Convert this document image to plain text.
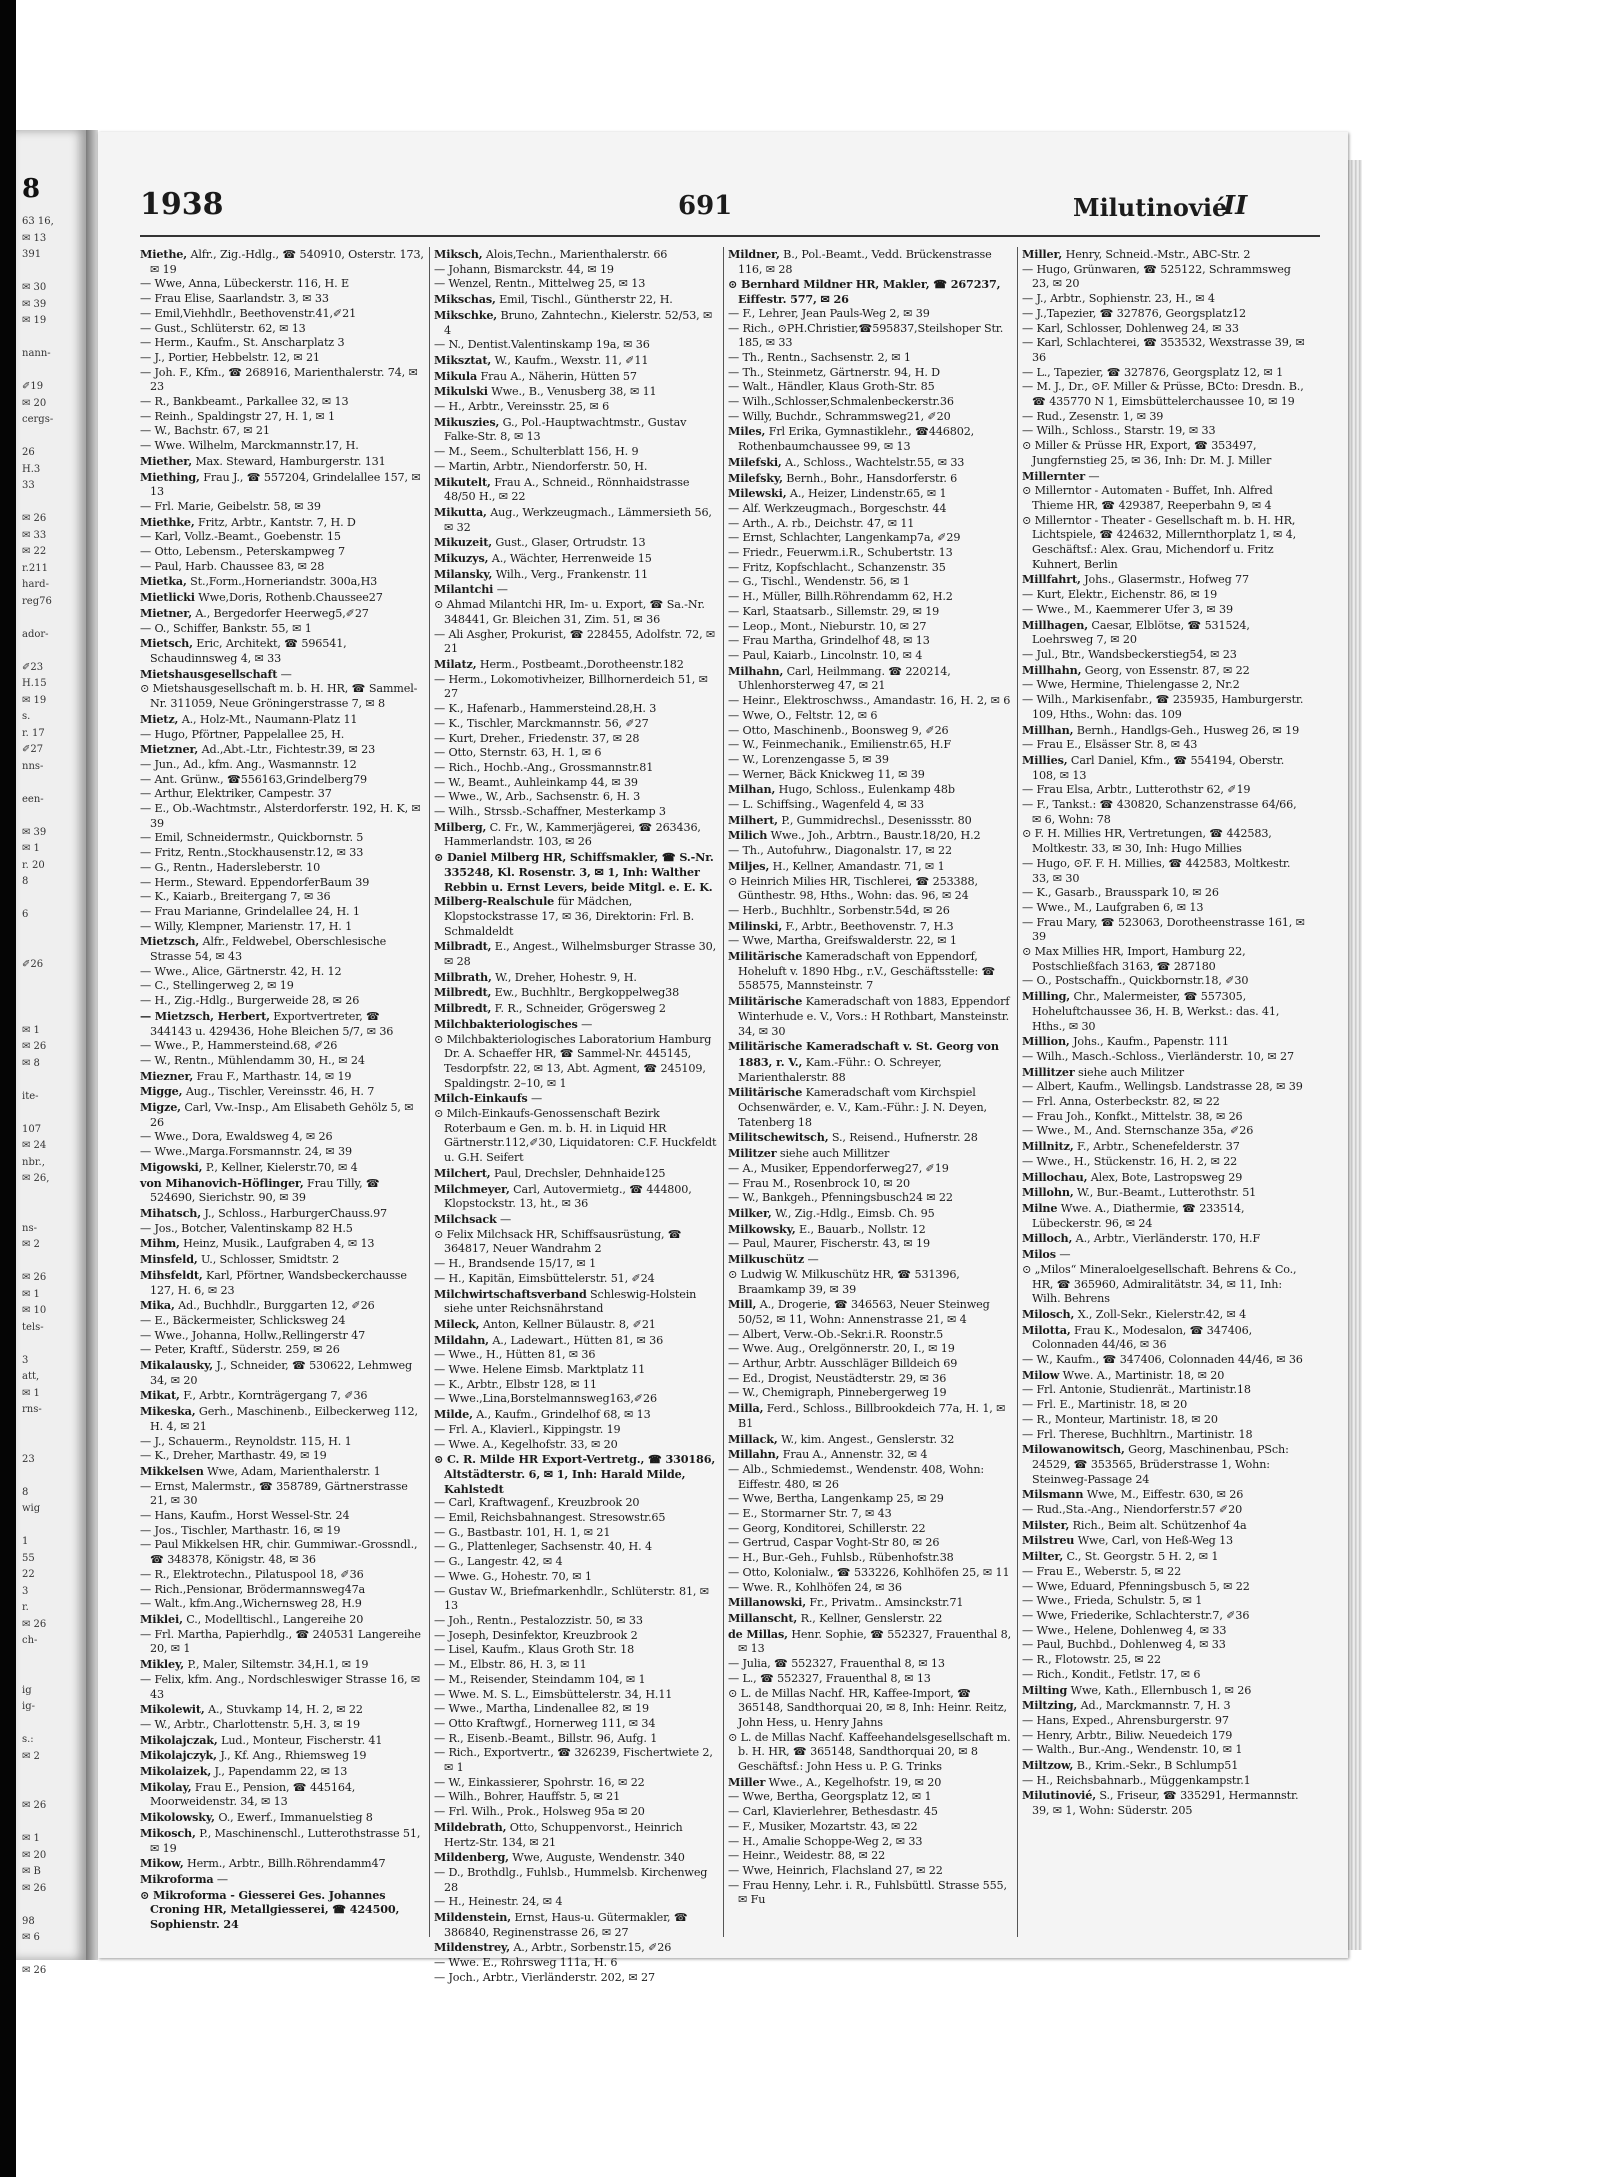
8
63 16,
✉ 13
391

✉ 30
✉ 39
✉ 19

nann-

✐19
✉ 20
cergs-

26
H.3
33

✉ 26
✉ 33
✉ 22
r.211
hard-
reg76

ador-

✐23
H.15
✉ 19
s.
r. 17
✐27
nns-

een-

✉ 39
✉ 1
r. 20
8

6

✐26

✉ 1
✉ 26
✉ 8

ite-

107
✉ 24
nbr.,
✉ 26,

ns-
✉ 2

✉ 26
✉ 1
✉ 10
tels-

3
att,
✉ 1
rns-

23

8
wig

1
55
22
3
r.
✉ 26
ch-

ig
ig-

s.:
✉ 2

✉ 26

✉ 1
✉ 20
✉ B
✉ 26

98
✉ 6

✉ 26
1938	691	Milutinovié
II

Miethe, Alfr., Zig.-Hdlg., ☎ 540910, Osterstr. 173, ✉ 19

— Wwe, Anna, Lübeckerstr. 116, H. E

— Frau Elise, Saarlandstr. 3, ✉ 33

— Emil,Viehhdlr., Beethovenstr.41,✐21

— Gust., Schlüterstr. 62, ✉ 13

— Herm., Kaufm., St. Anscharplatz 3

— J., Portier, Hebbelstr. 12, ✉ 21

— Joh. F., Kfm., ☎ 268916, Marienthalerstr. 74, ✉ 23

— R., Bankbeamt., Parkallee 32, ✉ 13

— Reinh., Spaldingstr 27, H. 1, ✉ 1

— W., Bachstr. 67, ✉ 21

— Wwe. Wilhelm, Marckmannstr.17, H.

Miether, Max. Steward, Hamburgerstr. 131

Miething, Frau J., ☎ 557204, Grindelallee 157, ✉ 13

— Frl. Marie, Geibelstr. 58, ✉ 39

Miethke, Fritz, Arbtr., Kantstr. 7, H. D

— Karl, Vollz.-Beamt., Goebenstr. 15

— Otto, Lebensm., Peterskampweg 7

— Paul, Harb. Chaussee 83, ✉ 28

Mietka, St.,Form.,Horneriandstr. 300a,H3

Mietlicki Wwe,Doris, Rothenb.Chaussee27

Mietner, A., Bergedorfer Heerweg5,✐27

— O., Schiffer, Bankstr. 55, ✉ 1

Mietsch, Eric, Architekt, ☎ 596541, Schaudinnsweg 4, ✉ 33

Mietshausgesellschaft —

⊙ Mietshausgesellschaft m. b. H. HR, ☎ Sammel-Nr. 311059, Neue Gröningerstrasse 7, ✉ 8

Mietz, A., Holz-Mt., Naumann-Platz 11

— Hugo, Pförtner, Pappelallee 25, H.

Mietzner, Ad.,Abt.-Ltr., Fichtestr.39, ✉ 23

— Jun., Ad., kfm. Ang., Wasmannstr. 12

— Ant. Grünw., ☎556163,Grindelberg79

— Arthur, Elektriker, Campestr. 37

— E., Ob.-Wachtmstr., Alsterdorferstr. 192, H. K, ✉ 39

— Emil, Schneidermstr., Quickbornstr. 5

— Fritz, Rentn.,Stockhausenstr.12, ✉ 33

— G., Rentn., Hadersleberstr. 10

— Herm., Steward. EppendorferBaum 39

— K., Kaiarb., Breitergang 7, ✉ 36

— Frau Marianne, Grindelallee 24, H. 1

— Willy, Klempner, Marienstr. 17, H. 1

Mietzsch, Alfr., Feldwebel, Oberschlesische Strasse 54, ✉ 43

— Wwe., Alice, Gärtnerstr. 42, H. 12

— C., Stellingerweg 2, ✉ 19

— H., Zig.-Hdlg., Burgerweide 28, ✉ 26

— Mietzsch, Herbert, Exportvertreter, ☎ 344143 u. 429436, Hohe Bleichen 5/7, ✉ 36

— Wwe., P., Hammersteind.68, ✐26

— W., Rentn., Mühlendamm 30, H., ✉ 24

Miezner, Frau F., Marthastr. 14, ✉ 19

Migge, Aug., Tischler, Vereinsstr. 46, H. 7

Migze, Carl, Vw.-Insp., Am Elisabeth Gehölz 5, ✉ 26

— Wwe., Dora, Ewaldsweg 4, ✉ 26

— Wwe.,Marga.Forsmannstr. 24, ✉ 39

Migowski, P., Kellner, Kielerstr.70, ✉ 4

von Mihanovich-Höflinger, Frau Tilly, ☎ 524690, Sierichstr. 90, ✉ 39

Mihatsch, J., Schloss., HarburgerChauss.97

— Jos., Botcher, Valentinskamp 82 H.5

Mihm, Heinz, Musik., Laufgraben 4, ✉ 13

Minsfeld, U., Schlosser, Smidtstr. 2

Mihsfeldt, Karl, Pförtner, Wandsbeckerchausse 127, H. 6, ✉ 23

Mika, Ad., Buchhdlr., Burggarten 12, ✐26

— E., Bäckermeister, Schlicksweg 24

— Wwe., Johanna, Hollw.,Rellingerstr 47

— Peter, Kraftf., Süderstr. 259, ✉ 26

Mikalausky, J., Schneider, ☎ 530622, Lehmweg 34, ✉ 20

Mikat, F., Arbtr., Kornträgergang 7, ✐36

Mikeska, Gerh., Maschinenb., Eilbeckerweg 112, H. 4, ✉ 21

— J., Schauerm., Reynoldstr. 115, H. 1

— K., Dreher, Marthastr. 49, ✉ 19

Mikkelsen Wwe, Adam, Marienthalerstr. 1

— Ernst, Malermstr., ☎ 358789, Gärtnerstrasse 21, ✉ 30

— Hans, Kaufm., Horst Wessel-Str. 24

— Jos., Tischler, Marthastr. 16, ✉ 19

— Paul Mikkelsen HR, chir. Gummiwar.-Grossndl., ☎ 348378, Königstr. 48, ✉ 36

— R., Elektrotechn., Pilatuspool 18, ✐36

— Rich.,Pensionar, Brödermannsweg47a

— Walt., kfm.Ang.,Wichernsweg 28, H.9

Miklei, C., Modelltischl., Langereihe 20

— Frl. Martha, Papierhdlg., ☎ 240531 Langereihe 20, ✉ 1

Mikley, P., Maler, Siltemstr. 34,H.1, ✉ 19

— Felix, kfm. Ang., Nordschleswiger Strasse 16, ✉ 43

Mikolewit, A., Stuvkamp 14, H. 2, ✉ 22

— W., Arbtr., Charlottenstr. 5,H. 3, ✉ 19

Mikolajczak, Lud., Monteur, Fischerstr. 41

Mikolajczyk, J., Kf. Ang., Rhiemsweg 19

Mikolaizek, J., Papendamm 22, ✉ 13

Mikolay, Frau E., Pension, ☎ 445164, Moorweidenstr. 34, ✉ 13

Mikolowsky, O., Ewerf., Immanuelstieg 8

Mikosch, P., Maschinenschl., Lutterothstrasse 51, ✉ 19

Mikow, Herm., Arbtr., Billh.Röhrendamm47

Mikroforma —

⊙ Mikroforma - Giesserei Ges. Johannes Croning HR, Metallgiesserei, ☎ 424500, Sophienstr. 24

Miksch, Alois,Techn., Marienthalerstr. 66

— Johann, Bismarckstr. 44, ✉ 19

— Wenzel, Rentn., Mittelweg 25, ✉ 13

Mikschas, Emil, Tischl., Güntherstr 22, H.

Mikschke, Bruno, Zahntechn., Kielerstr. 52/53, ✉ 4

— N., Dentist.Valentinskamp 19a, ✉ 36

Miksztat, W., Kaufm., Wexstr. 11, ✐11

Mikula Frau A., Näherin, Hütten 57

Mikulski Wwe., B., Venusberg 38, ✉ 11

— H., Arbtr., Vereinsstr. 25, ✉ 6

Mikuszies, G., Pol.-Hauptwachtmstr., Gustav Falke-Str. 8, ✉ 13

— M., Seem., Schulterblatt 156, H. 9

— Martin, Arbtr., Niendorferstr. 50, H.

Mikutelt, Frau A., Schneid., Rönnhaidstrasse 48/50 H., ✉ 22

Mikutta, Aug., Werkzeugmach., Lämmersieth 56, ✉ 32

Mikuzeit, Gust., Glaser, Ortrudstr. 13

Mikuzys, A., Wächter, Herrenweide 15

Milansky, Wilh., Verg., Frankenstr. 11

Milantchi —

⊙ Ahmad Milantchi HR, Im- u. Export, ☎ Sa.-Nr. 348441, Gr. Bleichen 31, Zim. 51, ✉ 36

— Ali Asgher, Prokurist, ☎ 228455, Adolfstr. 72, ✉ 21

Milatz, Herm., Postbeamt.,Dorotheenstr.182

— Herm., Lokomotivheizer, Billhornerdeich 51, ✉ 27

— K., Hafenarb., Hammersteind.28,H. 3

— K., Tischler, Marckmannstr. 56, ✐27

— Kurt, Dreher., Friedenstr. 37, ✉ 28

— Otto, Sternstr. 63, H. 1, ✉ 6

— Rich., Hochb.-Ang., Grossmannstr.81

— W., Beamt., Auhleinkamp 44, ✉ 39

— Wwe., W., Arb., Sachsenstr. 6, H. 3

— Wilh., Strssb.-Schaffner, Mesterkamp 3

Milberg, C. Fr., W., Kammerjägerei, ☎ 263436, Hammerlandstr. 103, ✉ 26

⊙ Daniel Milberg HR, Schiffsmakler, ☎ S.-Nr. 335248, Kl. Rosenstr. 3, ✉ 1, Inh: Walther Rebbin u. Ernst Levers, beide Mitgl. e. E. K.

Milberg-Realschule für Mädchen, Klopstockstrasse 17, ✉ 36, Direktorin: Frl. B. Schmaldeldt

Milbradt, E., Angest., Wilhelmsburger Strasse 30, ✉ 28

Milbrath, W., Dreher, Hohestr. 9, H.

Milbredt, Ew., Buchhltr., Bergkoppelweg38

Milbredt, F. R., Schneider, Grögersweg 2

Milchbakteriologisches —

⊙ Milchbakteriologisches Laboratorium Hamburg Dr. A. Schaeffer HR, ☎ Sammel-Nr. 445145, Tesdorpfstr. 22, ✉ 13, Abt. Agment, ☎ 245109, Spaldingstr. 2–10, ✉ 1

Milch-Einkaufs —

⊙ Milch-Einkaufs-Genossenschaft Bezirk Roterbaum e Gen. m. b. H. in Liquid HR Gärtnerstr.112,✐30, Liquidatoren: C.F. Huckfeldt u. G.H. Seifert

Milchert, Paul, Drechsler, Dehnhaide125

Milchmeyer, Carl, Autovermietg., ☎ 444800, Klopstockstr. 13, ht., ✉ 36

Milchsack —

⊙ Felix Milchsack HR, Schiffsausrüstung, ☎ 364817, Neuer Wandrahm 2

— H., Brandsende 15/17, ✉ 1

— H., Kapitän, Eimsbüttelerstr. 51, ✐24

Milchwirtschaftsverband Schleswig-Holstein siehe unter Reichsnährstand

Mileck, Anton, Kellner Bülaustr. 8, ✐21

Mildahn, A., Ladewart., Hütten 81, ✉ 36

— Wwe., H., Hütten 81, ✉ 36

— Wwe. Helene Eimsb. Marktplatz 11

— K., Arbtr., Elbstr 128, ✉ 11

— Wwe.,Lina,Borstelmannsweg163,✐26

Milde, A., Kaufm., Grindelhof 68, ✉ 13

— Frl. A., Klavierl., Kippingstr. 19

— Wwe. A., Kegelhofstr. 33, ✉ 20

⊙ C. R. Milde HR Export-Vertretg., ☎ 330186, Altstädterstr. 6, ✉ 1, Inh: Harald Milde, Kahlstedt

— Carl, Kraftwagenf., Kreuzbrook 20

— Emil, Reichsbahnangest. Stresowstr.65

— G., Bastbastr. 101, H. 1, ✉ 21

— G., Plattenleger, Sachsenstr. 40, H. 4

— G., Langestr. 42, ✉ 4

— Wwe. G., Hohestr. 70, ✉ 1

— Gustav W., Briefmarkenhdlr., Schlüterstr. 81, ✉ 13

— Joh., Rentn., Pestalozzistr. 50, ✉ 33

— Joseph, Desinfektor, Kreuzbrook 2

— Lisel, Kaufm., Klaus Groth Str. 18

— M., Elbstr. 86, H. 3, ✉ 11

— M., Reisender, Steindamm 104, ✉ 1

— Wwe. M. S. L., Eimsbüttelerstr. 34, H.11

— Wwe., Martha, Lindenallee 82, ✉ 19

— Otto Kraftwgf., Hornerweg 111, ✉ 34

— R., Eisenb.-Beamt., Billstr. 96, Aufg. 1

— Rich., Exportvertr., ☎ 326239, Fischertwiete 2, ✉ 1

— W., Einkassierer, Spohrstr. 16, ✉ 22

— Wilh., Bohrer, Hauffstr. 5, ✉ 21

— Frl. Wilh., Prok., Holsweg 95a ✉ 20

Mildebrath, Otto, Schuppenvorst., Heinrich Hertz-Str. 134, ✉ 21

Mildenberg, Wwe, Auguste, Wendenstr. 340

— D., Brothdlg., Fuhlsb., Hummelsb. Kirchenweg 28

— H., Heinestr. 24, ✉ 4

Mildenstein, Ernst, Haus-u. Gütermakler, ☎ 386840, Reginenstrasse 26, ✉ 27

Mildenstrey, A., Arbtr., Sorbenstr.15, ✐26

— Wwe. E., Rohrsweg 111a, H. 6

— Joch., Arbtr., Vierländerstr. 202, ✉ 27

Mildner, B., Pol.-Beamt., Vedd. Brückenstrasse 116, ✉ 28

⊙ Bernhard Mildner HR, Makler, ☎ 267237, Eiffestr. 577, ✉ 26

— F., Lehrer, Jean Pauls-Weg 2, ✉ 39

— Rich., ⊙PH.Christier,☎595837,Steilshoper Str. 185, ✉ 33

— Th., Rentn., Sachsenstr. 2, ✉ 1

— Th., Steinmetz, Gärtnerstr. 94, H. D

— Walt., Händler, Klaus Groth-Str. 85

— Wilh.,Schlosser,Schmalenbeckerstr.36

— Willy, Buchdr., Schrammsweg21, ✐20

Miles, Frl Erika, Gymnastiklehr., ☎446802, Rothenbaumchaussee 99, ✉ 13

Milefski, A., Schloss., Wachtelstr.55, ✉ 33

Milefsky, Bernh., Bohr., Hansdorferstr. 6

Milewski, A., Heizer, Lindenstr.65, ✉ 1

— Alf. Werkzeugmach., Borgeschstr. 44

— Arth., A. rb., Deichstr. 47, ✉ 11

— Ernst, Schlachter, Langenkamp7a, ✐29

— Friedr., Feuerwm.i.R., Schubertstr. 13

— Fritz, Kopfschlacht., Schanzenstr. 35

— G., Tischl., Wendenstr. 56, ✉ 1

— H., Müller, Billh.Röhrendamm 62, H.2

— Karl, Staatsarb., Sillemstr. 29, ✉ 19

— Leop., Mont., Nieburstr. 10, ✉ 27

— Frau Martha, Grindelhof 48, ✉ 13

— Paul, Kaiarb., Lincolnstr. 10, ✉ 4

Milhahn, Carl, Heilmmang. ☎ 220214, Uhlenhorsterweg 47, ✉ 21

— Heinr., Elektroschwss., Amandastr. 16, H. 2, ✉ 6

— Wwe, O., Feltstr. 12, ✉ 6

— Otto, Maschinenb., Boonsweg 9, ✐26

— W., Feinmechanik., Emilienstr.65, H.F

— W., Lorenzengasse 5, ✉ 39

— Werner, Bäck Knickweg 11, ✉ 39

Milhan, Hugo, Schloss., Eulenkamp 48b

— L. Schiffsing., Wagenfeld 4, ✉ 33

Milhert, P., Gummidrechsl., Desenissstr. 80

Milich Wwe., Joh., Arbtrn., Baustr.18/20, H.2

— Th., Autofuhrw., Diagonalstr. 17, ✉ 22

Miljes, H., Kellner, Amandastr. 71, ✉ 1

⊙ Heinrich Milies HR, Tischlerei, ☎ 253388, Günthestr. 98, Hths., Wohn: das. 96, ✉ 24

— Herb., Buchhltr., Sorbenstr.54d, ✉ 26

Milinski, F., Arbtr., Beethovenstr. 7, H.3

— Wwe, Martha, Greifswalderstr. 22, ✉ 1

Militärische Kameradschaft von Eppendorf, Hoheluft v. 1890 Hbg., r.V., Geschäftsstelle: ☎ 558575, Mannsteinstr. 7

Militärische Kameradschaft von 1883, Eppendorf Winterhude e. V., Vors.: H Rothbart, Mansteinstr. 34, ✉ 30

Militärische Kameradschaft v. St. Georg von 1883, r. V., Kam.-Führ.: O. Schreyer, Marienthalerstr. 88

Militärische Kameradschaft vom Kirchspiel Ochsenwärder, e. V., Kam.-Führ.: J. N. Deyen, Tatenberg 18

Militschewitsch, S., Reisend., Hufnerstr. 28

Militzer siehe auch Millitzer

— A., Musiker, Eppendorferweg27, ✐19

— Frau M., Rosenbrock 10, ✉ 20

— W., Bankgeh., Pfenningsbusch24 ✉ 22

Milker, W., Zig.-Hdlg., Eimsb. Ch. 95

Milkowsky, E., Bauarb., Nollstr. 12

— Paul, Maurer, Fischerstr. 43, ✉ 19

Milkuschütz —

⊙ Ludwig W. Milkuschütz HR, ☎ 531396, Braamkamp 39, ✉ 39

Mill, A., Drogerie, ☎ 346563, Neuer Steinweg 50/52, ✉ 11, Wohn: Annenstrasse 21, ✉ 4

— Albert, Verw.-Ob.-Sekr.i.R. Roonstr.5

— Wwe. Aug., Orelgönnerstr. 20, I., ✉ 19

— Arthur, Arbtr. Ausschläger Billdeich 69

— Ed., Drogist, Neustädterstr. 29, ✉ 36

— W., Chemigraph, Pinnebergerweg 19

Milla, Ferd., Schloss., Billbrookdeich 77a, H. 1, ✉ B1

Millack, W., kim. Angest., Genslerstr. 32

Millahn, Frau A., Annenstr. 32, ✉ 4

— Alb., Schmiedemst., Wendenstr. 408, Wohn: Eiffestr. 480, ✉ 26

— Wwe, Bertha, Langenkamp 25, ✉ 29

— E., Stormarner Str. 7, ✉ 43

— Georg, Konditorei, Schillerstr. 22

— Gertrud, Caspar Voght-Str 80, ✉ 26

— H., Bur.-Geh., Fuhlsb., Rübenhofstr.38

— Otto, Kolonialw., ☎ 533226, Kohlhöfen 25, ✉ 11

— Wwe. R., Kohlhöfen 24, ✉ 36

Millanowski, Fr., Privatm.. Amsinckstr.71

Millanscht, R., Kellner, Genslerstr. 22

de Millas, Henr. Sophie, ☎ 552327, Frauenthal 8, ✉ 13

— Julia, ☎ 552327, Frauenthal 8, ✉ 13

— L., ☎ 552327, Frauenthal 8, ✉ 13

⊙ L. de Millas Nachf. HR, Kaffee-Import, ☎ 365148, Sandthorquai 20, ✉ 8, Inh: Heinr. Reitz, John Hess, u. Henry Jahns

⊙ L. de Millas Nachf. Kaffeehandelsgesellschaft m. b. H. HR, ☎ 365148, Sandthorquai 20, ✉ 8 Geschäftsf.: John Hess u. P. G. Trinks

Miller Wwe., A., Kegelhofstr. 19, ✉ 20

— Wwe, Bertha, Georgsplatz 12, ✉ 1

— Carl, Klavierlehrer, Bethesdastr. 45

— F., Musiker, Mozartstr. 43, ✉ 22

— H., Amalie Schoppe-Weg 2, ✉ 33

— Heinr., Weidestr. 88, ✉ 22

— Wwe, Heinrich, Flachsland 27, ✉ 22

— Frau Henny, Lehr. i. R., Fuhlsbüttl. Strasse 555, ✉ Fu

Miller, Henry, Schneid.-Mstr., ABC-Str. 2

— Hugo, Grünwaren, ☎ 525122, Schrammsweg 23, ✉ 20

— J., Arbtr., Sophienstr. 23, H., ✉ 4

— J.,Tapezier, ☎ 327876, Georgsplatz12

— Karl, Schlosser, Dohlenweg 24, ✉ 33

— Karl, Schlachterei, ☎ 353532, Wexstrasse 39, ✉ 36

— L., Tapezier, ☎ 327876, Georgsplatz 12, ✉ 1

— M. J., Dr., ⊙F. Miller & Prüsse, BCto: Dresdn. B., ☎ 435770 N 1, Eimsbüttelerchaussee 10, ✉ 19

— Rud., Zesenstr. 1, ✉ 39

— Wilh., Schloss., Starstr. 19, ✉ 33

⊙ Miller & Prüsse HR, Export, ☎ 353497, Jungfernstieg 25, ✉ 36, Inh: Dr. M. J. Miller

Millernter —

⊙ Millerntor - Automaten - Buffet, Inh. Alfred Thieme HR, ☎ 429387, Reeperbahn 9, ✉ 4

⊙ Millerntor - Theater - Gesellschaft m. b. H. HR, Lichtspiele, ☎ 424632, Millernthorplatz 1, ✉ 4, Geschäftsf.: Alex. Grau, Michendorf u. Fritz Kuhnert, Berlin

Millfahrt, Johs., Glasermstr., Hofweg 77

— Kurt, Elektr., Eichenstr. 86, ✉ 19

— Wwe., M., Kaemmerer Ufer 3, ✉ 39

Millhagen, Caesar, Elblötse, ☎ 531524, Loehrsweg 7, ✉ 20

— Jul., Btr., Wandsbeckerstieg54, ✉ 23

Millhahn, Georg, von Essenstr. 87, ✉ 22

— Wwe, Hermine, Thielengasse 2, Nr.2

— Wilh., Markisenfabr., ☎ 235935, Hamburgerstr. 109, Hths., Wohn: das. 109

Millhan, Bernh., Handlgs-Geh., Husweg 26, ✉ 19

— Frau E., Elsässer Str. 8, ✉ 43

Millies, Carl Daniel, Kfm., ☎ 554194, Oberstr. 108, ✉ 13

— Frau Elsa, Arbtr., Lutterothstr 62, ✐19

— F., Tankst.: ☎ 430820, Schanzenstrasse 64/66, ✉ 6, Wohn: 78

⊙ F. H. Millies HR, Vertretungen, ☎ 442583, Moltkestr. 33, ✉ 30, Inh: Hugo Millies

— Hugo, ⊙F. F. H. Millies, ☎ 442583, Moltkestr. 33, ✉ 30

— K., Gasarb., Brausspark 10, ✉ 26

— Wwe., M., Laufgraben 6, ✉ 13

— Frau Mary, ☎ 523063, Dorotheenstrasse 161, ✉ 39

⊙ Max Millies HR, Import, Hamburg 22, Postschließfach 3163, ☎ 287180

— O., Postschaffn., Quickbornstr.18, ✐30

Milling, Chr., Malermeister, ☎ 557305, Hoheluftchaussee 36, H. B, Werkst.: das. 41, Hths., ✉ 30

Million, Johs., Kaufm., Papenstr. 111

— Wilh., Masch.-Schloss., Vierländerstr. 10, ✉ 27

Millitzer siehe auch Militzer

— Albert, Kaufm., Wellingsb. Landstrasse 28, ✉ 39

— Frl. Anna, Osterbeckstr. 82, ✉ 22

— Frau Joh., Konfkt., Mittelstr. 38, ✉ 26

— Wwe., M., And. Sternschanze 35a, ✐26

Millnitz, F., Arbtr., Schenefelderstr. 37

— Wwe., H., Stückenstr. 16, H. 2, ✉ 22

Millochau, Alex, Bote, Lastropsweg 29

Millohn, W., Bur.-Beamt., Lutterothstr. 51

Milne Wwe. A., Diathermie, ☎ 233514, Lübeckerstr. 96, ✉ 24

Milloch, A., Arbtr., Vierländerstr. 170, H.F

Milos —

⊙ „Milos“ Mineraloelgesellschaft. Behrens & Co., HR, ☎ 365960, Admiralitätstr. 34, ✉ 11, Inh: Wilh. Behrens

Milosch, X., Zoll-Sekr., Kielerstr.42, ✉ 4

Milotta, Frau K., Modesalon, ☎ 347406, Colonnaden 44/46, ✉ 36

— W., Kaufm., ☎ 347406, Colonnaden 44/46, ✉ 36

Milow Wwe. A., Martinistr. 18, ✉ 20

— Frl. Antonie, Studienrät., Martinistr.18

— Frl. E., Martinistr. 18, ✉ 20

— R., Monteur, Martinistr. 18, ✉ 20

— Frl. Therese, Buchhltrn., Martinistr. 18

Milowanowitsch, Georg, Maschinenbau, PSch: 24529, ☎ 353565, Brüderstrasse 1, Wohn: Steinweg-Passage 24

Milsmann Wwe, M., Eiffestr. 630, ✉ 26

— Rud.,Sta.-Ang., Niendorferstr.57 ✐20

Milster, Rich., Beim alt. Schützenhof 4a

Milstreu Wwe, Carl, von Heß-Weg 13

Milter, C., St. Georgstr. 5 H. 2, ✉ 1

— Frau E., Weberstr. 5, ✉ 22

— Wwe, Eduard, Pfenningsbusch 5, ✉ 22

— Wwe., Frieda, Schulstr. 5, ✉ 1

— Wwe, Friederike, Schlachterstr.7, ✐36

— Wwe., Helene, Dohlenweg 4, ✉ 33

— Paul, Buchbd., Dohlenweg 4, ✉ 33

— R., Flotowstr. 25, ✉ 22

— Rich., Kondit., Fetlstr. 17, ✉ 6

Milting Wwe, Kath., Ellernbusch 1, ✉ 26

Miltzing, Ad., Marckmannstr. 7, H. 3

— Hans, Exped., Ahrensburgerstr. 97

— Henry, Arbtr., Biliw. Neuedeich 179

— Walth., Bur.-Ang., Wendenstr. 10, ✉ 1

Miltzow, B., Krim.-Sekr., B Schlump51

— H., Reichsbahnarb., Müggenkampstr.1

Milutinovié, S., Friseur, ☎ 335291, Hermannstr. 39, ✉ 1, Wohn: Süderstr. 205
